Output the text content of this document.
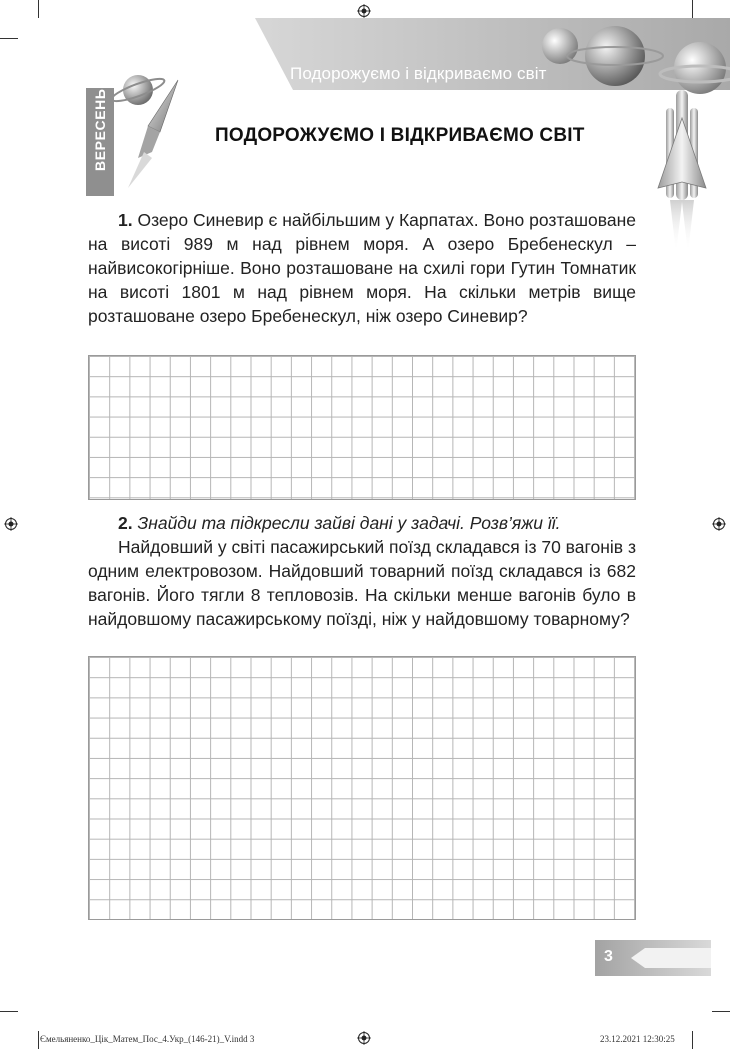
Подорожуємо і відкриваємо світ
ВЕРЕСЕНЬ	ПОДОРОЖУЄМО І ВІДКРИВАЄМО СВІТ

1. Озеро Синевир є найбільшим у Карпатах. Воно розташоване на висоті 989 м над рівнем моря. А озеро Бребенескул – найвисокогірніше. Воно розташоване на схилі гори Гутин Томнатик на висоті 1801 м над рівнем моря. На скільки метрів вище розташоване озеро Бребенескул, ніж озеро Синевир?

2. Знайди та підкресли зайві дані у задачі. Розв’яжи її.

Найдовший у світі пасажирський поїзд складався із 70 вагонів з одним електровозом. Найдовший товарний поїзд складався із 682 вагонів. Його тягли 8 тепловозів. На скільки менше вагонів було в найдовшому пасажирському поїзді, ніж у найдовшому товарному?

3
Ємельяненко_Цік_Матем_Пос_4.Укр_(146-21)_V.indd 3	23.12.2021 12:30:25
